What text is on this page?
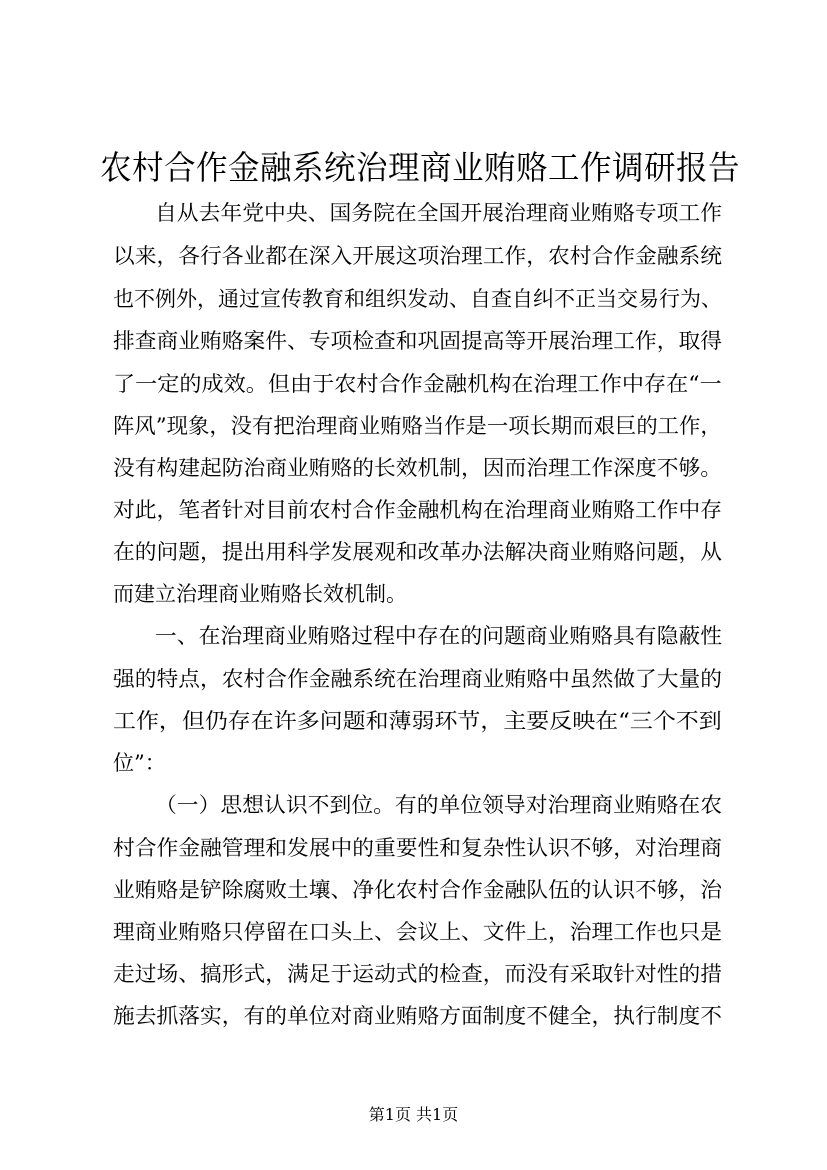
农村合作金融系统治理商业贿赂工作调研报告

自从去年党中央、国务院在全国开展治理商业贿赂专项工作

以来，各行各业都在深入开展这项治理工作，农村合作金融系统

也不例外，通过宣传教育和组织发动、自查自纠不正当交易行为、

排查商业贿赂案件、专项检查和巩固提高等开展治理工作，取得

了一定的成效。但由于农村合作金融机构在治理工作中存在“一

阵风”现象，没有把治理商业贿赂当作是一项长期而艰巨的工作，

没有构建起防治商业贿赂的长效机制，因而治理工作深度不够。

对此，笔者针对目前农村合作金融机构在治理商业贿赂工作中存

在的问题，提出用科学发展观和改革办法解决商业贿赂问题，从

而建立治理商业贿赂长效机制。

一、在治理商业贿赂过程中存在的问题商业贿赂具有隐蔽性

强的特点，农村合作金融系统在治理商业贿赂中虽然做了大量的

工作，但仍存在许多问题和薄弱环节，主要反映在“三个不到

位”：

（一）思想认识不到位。有的单位领导对治理商业贿赂在农

村合作金融管理和发展中的重要性和复杂性认识不够，对治理商

业贿赂是铲除腐败土壤、净化农村合作金融队伍的认识不够，治

理商业贿赂只停留在口头上、会议上、文件上，治理工作也只是

走过场、搞形式，满足于运动式的检查，而没有采取针对性的措

施去抓落实，有的单位对商业贿赂方面制度不健全，执行制度不

第1页 共1页
